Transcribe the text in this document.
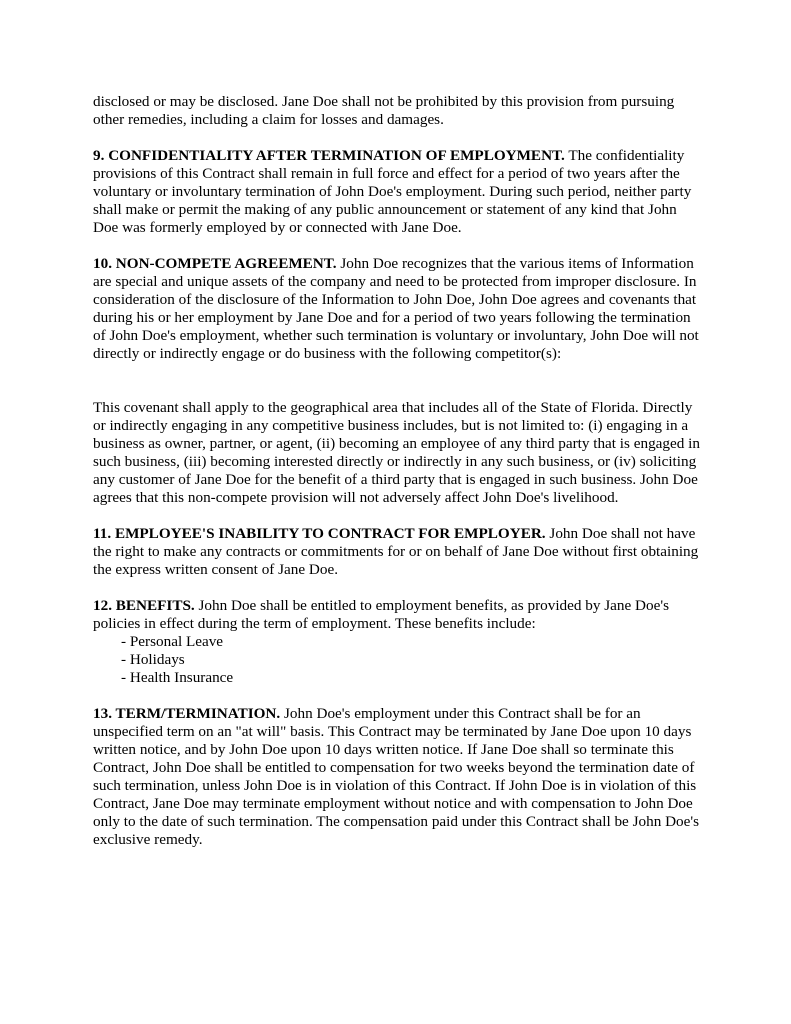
disclosed or may be disclosed. Jane Doe shall not be prohibited by this provision from pursuing other remedies, including a claim for losses and damages.

9. CONFIDENTIALITY AFTER TERMINATION OF EMPLOYMENT. The confidentiality provisions of this Contract shall remain in full force and effect for a period of two years after the voluntary or involuntary termination of John Doe's employment. During such period, neither party shall make or permit the making of any public announcement or statement of any kind that John Doe was formerly employed by or connected with Jane Doe.

10. NON-COMPETE AGREEMENT. John Doe recognizes that the various items of Information are special and unique assets of the company and need to be protected from improper disclosure. In consideration of the disclosure of the Information to John Doe, John Doe agrees and covenants that during his or her employment by Jane Doe and for a period of two years following the termination of John Doe's employment, whether such termination is voluntary or involuntary, John Doe will not directly or indirectly engage or do business with the following competitor(s):

This covenant shall apply to the geographical area that includes all of the State of Florida. Directly or indirectly engaging in any competitive business includes, but is not limited to: (i) engaging in a business as owner, partner, or agent, (ii) becoming an employee of any third party that is engaged in such business, (iii) becoming interested directly or indirectly in any such business, or (iv) soliciting any customer of Jane Doe for the benefit of a third party that is engaged in such business. John Doe agrees that this non-compete provision will not adversely affect John Doe's livelihood.

11. EMPLOYEE'S INABILITY TO CONTRACT FOR EMPLOYER. John Doe shall not have the right to make any contracts or commitments for or on behalf of Jane Doe without first obtaining the express written consent of Jane Doe.

12. BENEFITS. John Doe shall be entitled to employment benefits, as provided by Jane Doe's policies in effect during the term of employment. These benefits include:

- Personal Leave
- Holidays
- Health Insurance

13. TERM/TERMINATION. John Doe's employment under this Contract shall be for an unspecified term on an "at will" basis. This Contract may be terminated by Jane Doe upon 10 days written notice, and by John Doe upon 10 days written notice. If Jane Doe shall so terminate this Contract, John Doe shall be entitled to compensation for two weeks beyond the termination date of such termination, unless John Doe is in violation of this Contract. If John Doe is in violation of this Contract, Jane Doe may terminate employment without notice and with compensation to John Doe only to the date of such termination. The compensation paid under this Contract shall be John Doe's exclusive remedy.
